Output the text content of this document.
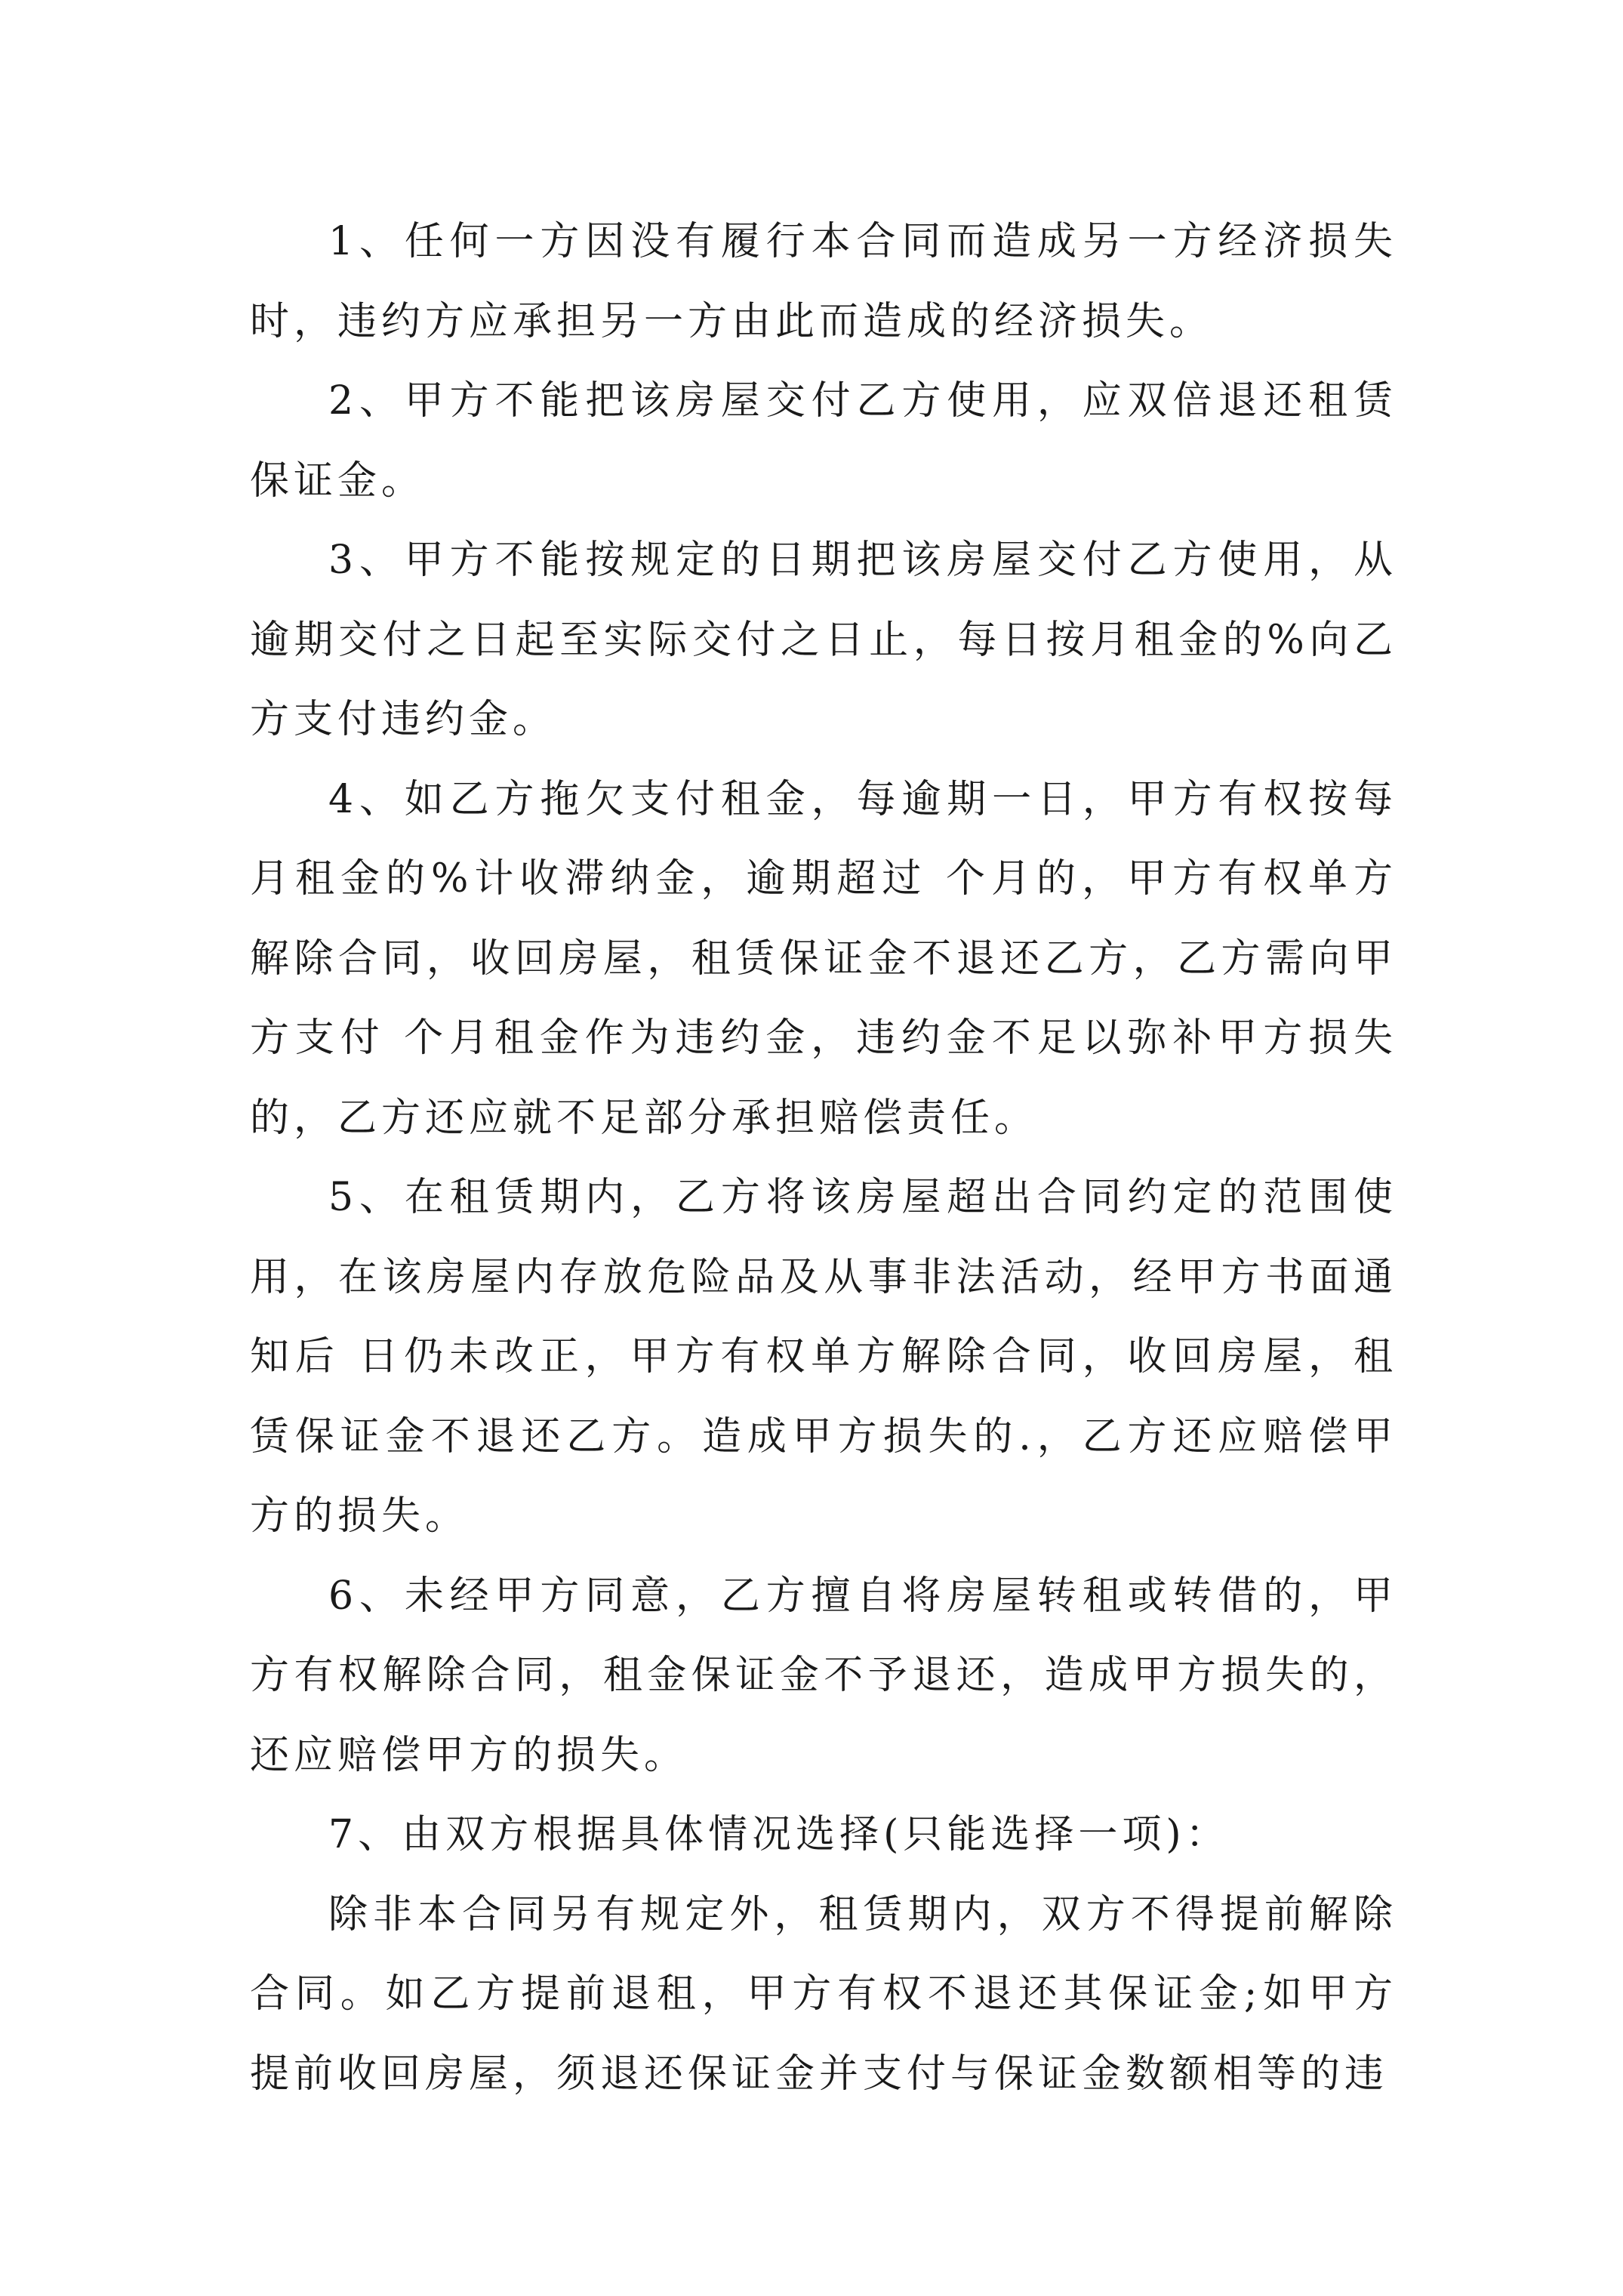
1、任何一方因没有履行本合同而造成另一方经济损失时，违约方应承担另一方由此而造成的经济损失。

2、甲方不能把该房屋交付乙方使用，应双倍退还租赁保证金。

3、甲方不能按规定的日期把该房屋交付乙方使用，从逾期交付之日起至实际交付之日止，每日按月租金的%向乙方支付违约金。

4、如乙方拖欠支付租金，每逾期一日，甲方有权按每月租金的%计收滞纳金，逾期超过 个月的，甲方有权单方解除合同，收回房屋，租赁保证金不退还乙方，乙方需向甲方支付 个月租金作为违约金，违约金不足以弥补甲方损失的，乙方还应就不足部分承担赔偿责任。

5、在租赁期内，乙方将该房屋超出合同约定的范围使用，在该房屋内存放危险品及从事非法活动，经甲方书面通知后 日仍未改正，甲方有权单方解除合同，收回房屋，租赁保证金不退还乙方。造成甲方损失的.，乙方还应赔偿甲方的损失。

6、未经甲方同意，乙方擅自将房屋转租或转借的，甲方有权解除合同，租金保证金不予退还，造成甲方损失的，还应赔偿甲方的损失。

7、由双方根据具体情况选择(只能选择一项)：

除非本合同另有规定外，租赁期内，双方不得提前解除合同。如乙方提前退租，甲方有权不退还其保证金;如甲方提前收回房屋，须退还保证金并支付与保证金数额相等的违
